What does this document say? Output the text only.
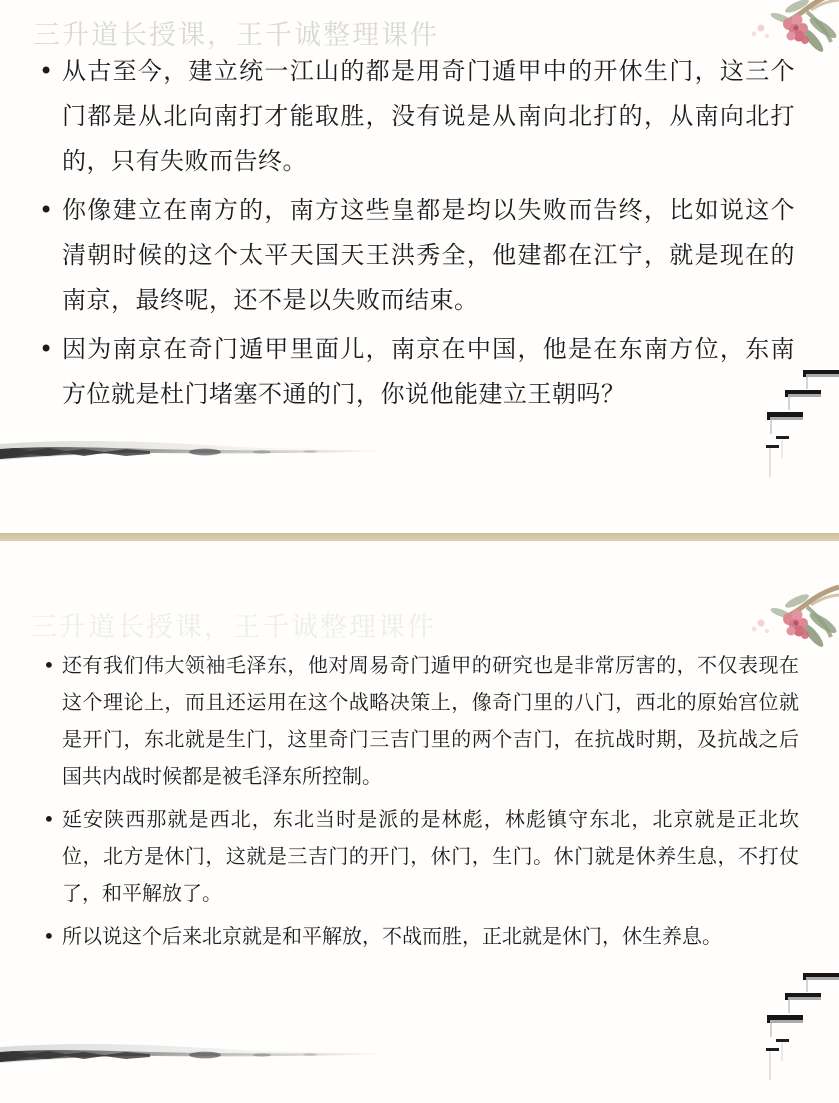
三升道长授课，王千诚整理课件
• 从古至今，建立统一江山的都是用奇门遁甲中的开休生门，这三个门都是从北向南打才能取胜，没有说是从南向北打的，从南向北打的，只有失败而告终。
• 你像建立在南方的，南方这些皇都是均以失败而告终，比如说这个清朝时候的这个太平天国天王洪秀全，他建都在江宁，就是现在的南京，最终呢，还不是以失败而结束。
• 因为南京在奇门遁甲里面儿，南京在中国，他是在东南方位，东南方位就是杜门堵塞不通的门，你说他能建立王朝吗？
三升道长授课，王千诚整理课件
• 还有我们伟大领袖毛泽东，他对周易奇门遁甲的研究也是非常厉害的，不仅表现在这个理论上，而且还运用在这个战略决策上，像奇门里的八门，西北的原始宫位就是开门，东北就是生门，这里奇门三吉门里的两个吉门，在抗战时期，及抗战之后国共内战时候都是被毛泽东所控制。
• 延安陕西那就是西北，东北当时是派的是林彪，林彪镇守东北，北京就是正北坎位，北方是休门，这就是三吉门的开门，休门，生门。休门就是休养生息，不打仗了，和平解放了。
• 所以说这个后来北京就是和平解放，不战而胜，正北就是休门，休生养息。
